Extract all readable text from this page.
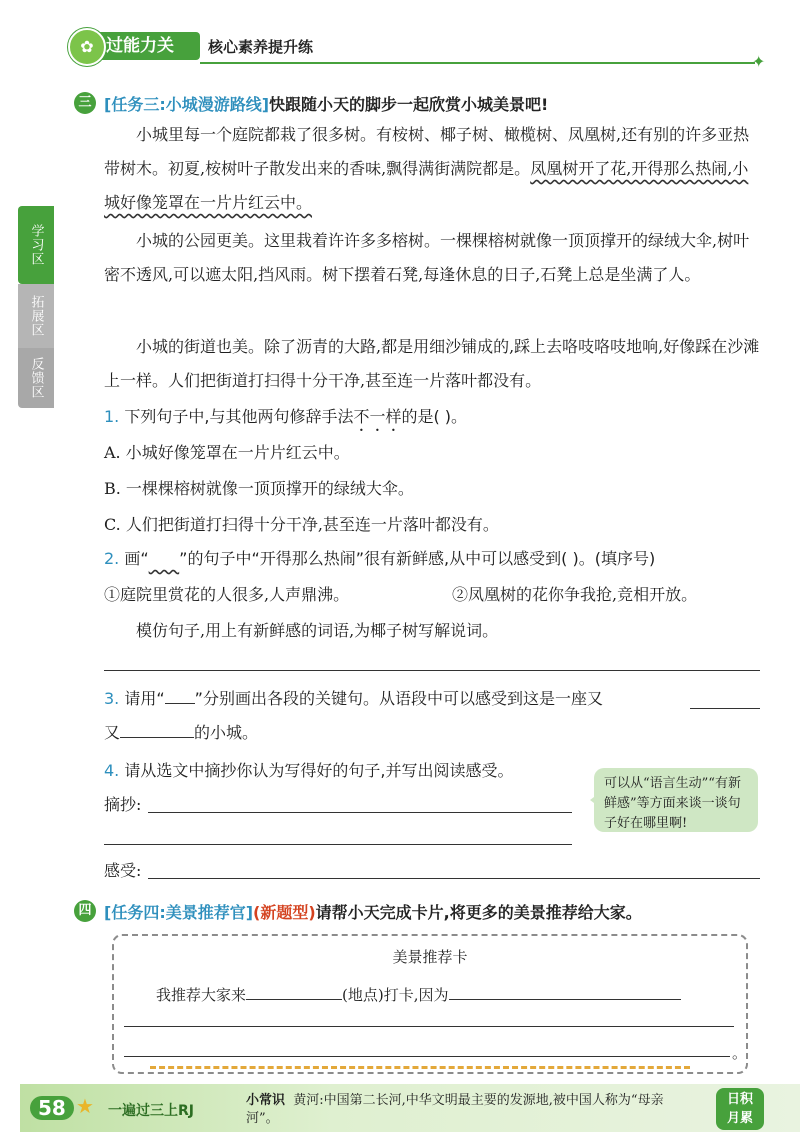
过能力关
✿	核心素养提升练
✦
学习区
拓展区
反馈区
三 [任务三:小城漫游路线]快跟随小天的脚步一起欣赏小城美景吧!
小城里每一个庭院都栽了很多树。有桉树、椰子树、橄榄树、凤凰树,还有别的许多亚热带树木。初夏,桉树叶子散发出来的香味,飘得满街满院都是。凤凰树开了花,开得那么热闹,小城好像笼罩在一片片红云中。
小城的公园更美。这里栽着许许多多榕树。一棵棵榕树就像一顶顶撑开的绿绒大伞,树叶密不透风,可以遮太阳,挡风雨。树下摆着石凳,每逢休息的日子,石凳上总是坐满了人。
小城的街道也美。除了沥青的大路,都是用细沙铺成的,踩上去咯吱咯吱地响,好像踩在沙滩上一样。人们把街道打扫得十分干净,甚至连一片落叶都没有。
1. 下列句子中,与其他两句修辞手法不一样的是( )。
A. 小城好像笼罩在一片片红云中。
B. 一棵棵榕树就像一顶顶撑开的绿绒大伞。
C. 人们把街道打扫得十分干净,甚至连一片落叶都没有。
2. 画“ ”的句子中“开得那么热闹”很有新鲜感,从中可以感受到( )。(填序号)
①庭院里赏花的人很多,人声鼎沸。	②凤凰树的花你争我抢,竞相开放。
模仿句子,用上有新鲜感的词语,为椰子树写解说词。
3. 请用“ ”分别画出各段的关键句。从语段中可以感受到这是一座又
又	的小城。
4. 请从选文中摘抄你认为写得好的句子,并写出阅读感受。
摘抄:
感受:
可以从“语言生动”“有新鲜感”等方面来谈一谈句子好在哪里啊!
四 [任务四:美景推荐官](新题型)请帮小天完成卡片,将更多的美景推荐给大家。
美景推荐卡
我推荐大家来	(地点)打卡,因为
。
58 ★ 一遍过三上RJ
小常识 黄河:中国第二长河,中华文明最主要的发源地,被中国人称为“母亲河”。
日积月累
